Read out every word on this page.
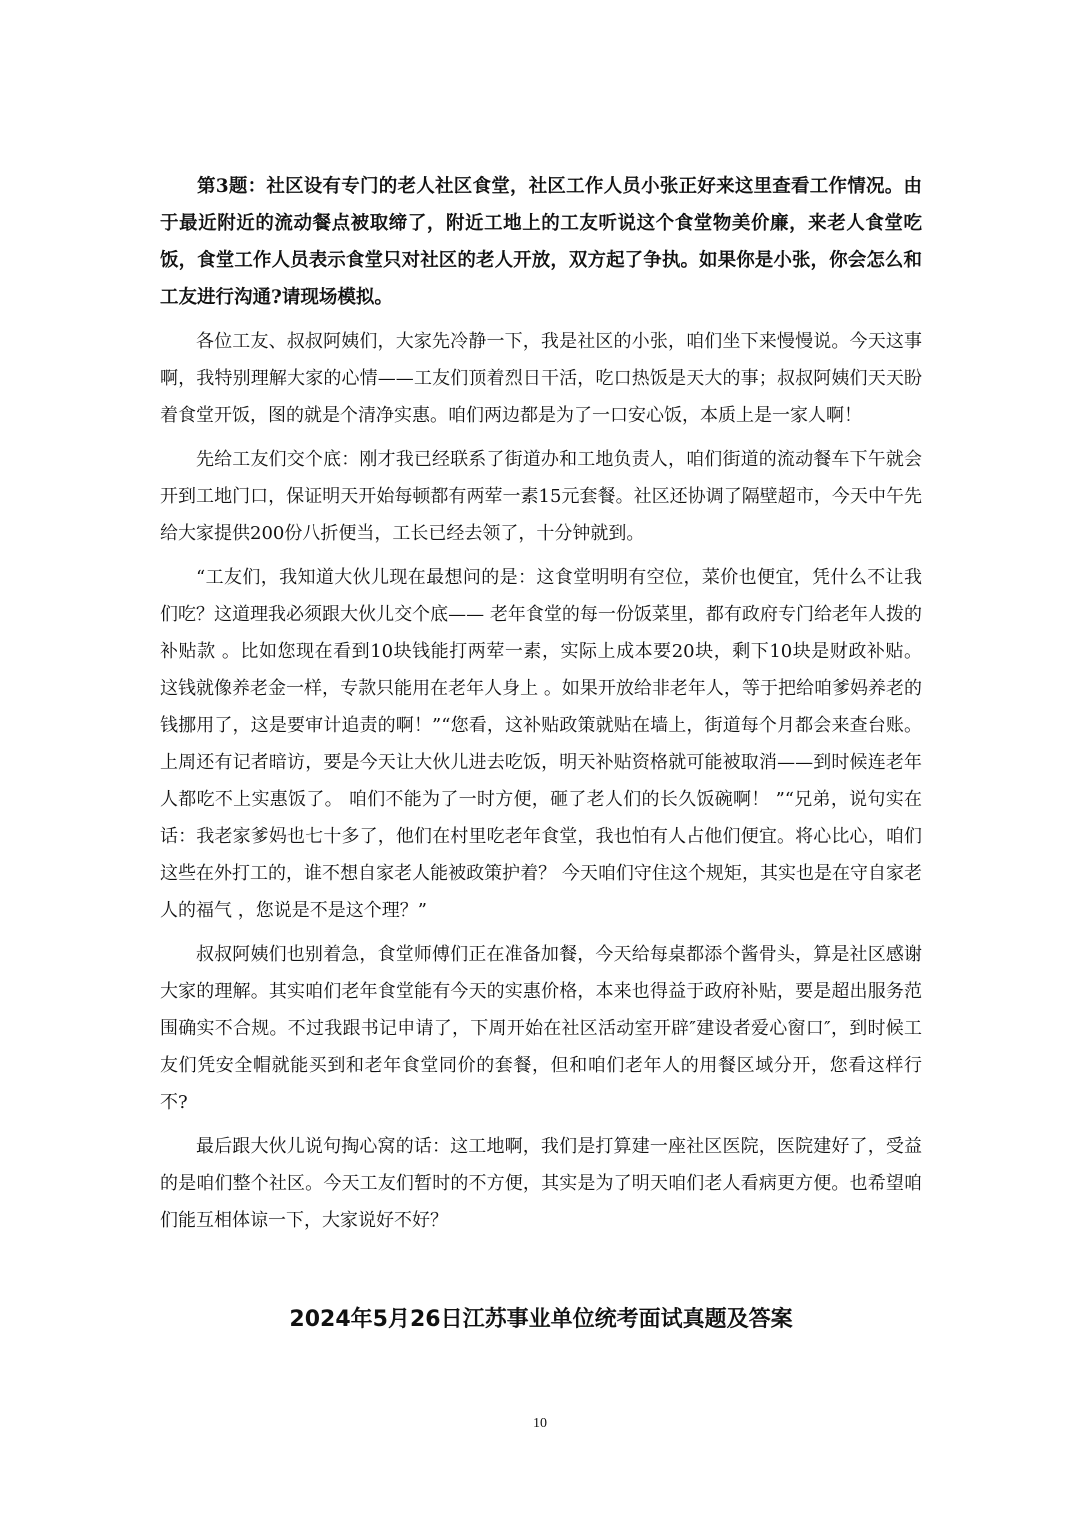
第3题：社区设有专门的老人社区食堂，社区工作人员小张正好来这里查看工作情况。由于最近附近的流动餐点被取缔了，附近工地上的工友听说这个食堂物美价廉，来老人食堂吃饭，食堂工作人员表示食堂只对社区的老人开放，双方起了争执。如果你是小张，你会怎么和工友进行沟通?请现场模拟。

各位工友、叔叔阿姨们，大家先冷静一下，我是社区的小张，咱们坐下来慢慢说。今天这事啊，我特别理解大家的心情——工友们顶着烈日干活，吃口热饭是天大的事；叔叔阿姨们天天盼着食堂开饭，图的就是个清净实惠。咱们两边都是为了一口安心饭，本质上是一家人啊！

先给工友们交个底：刚才我已经联系了街道办和工地负责人，咱们街道的流动餐车下午就会开到工地门口，保证明天开始每顿都有两荤一素15元套餐。社区还协调了隔壁超市，今天中午先给大家提供200份八折便当，工长已经去领了，十分钟就到。

“工友们，我知道大伙儿现在最想问的是：这食堂明明有空位，菜价也便宜，凭什么不让我们吃？这道理我必须跟大伙儿交个底—— 老年食堂的每一份饭菜里，都有政府专门给老年人拨的补贴款 。比如您现在看到10块钱能打两荤一素，实际上成本要20块，剩下10块是财政补贴。 这钱就像养老金一样，专款只能用在老年人身上 。如果开放给非老年人，等于把给咱爹妈养老的钱挪用了，这是要审计追责的啊！”“您看，这补贴政策就贴在墙上，街道每个月都会来查台账。上周还有记者暗访，要是今天让大伙儿进去吃饭，明天补贴资格就可能被取消——到时候连老年人都吃不上实惠饭了。 咱们不能为了一时方便，砸了老人们的长久饭碗啊！ ”“兄弟，说句实在话：我老家爹妈也七十多了，他们在村里吃老年食堂，我也怕有人占他们便宜。将心比心，咱们这些在外打工的，谁不想自家老人能被政策护着？ 今天咱们守住这个规矩，其实也是在守自家老人的福气 ，您说是不是这个理？”

叔叔阿姨们也别着急，食堂师傅们正在准备加餐，今天给每桌都添个酱骨头，算是社区感谢大家的理解。其实咱们老年食堂能有今天的实惠价格，本来也得益于政府补贴，要是超出服务范围确实不合规。不过我跟书记申请了，下周开始在社区活动室开辟″建设者爱心窗口″，到时候工友们凭安全帽就能买到和老年食堂同价的套餐，但和咱们老年人的用餐区域分开，您看这样行不?

最后跟大伙儿说句掏心窝的话：这工地啊，我们是打算建一座社区医院，医院建好了，受益的是咱们整个社区。今天工友们暂时的不方便，其实是为了明天咱们老人看病更方便。也希望咱们能互相体谅一下，大家说好不好？

2024年5月26日江苏事业单位统考面试真题及答案
10
